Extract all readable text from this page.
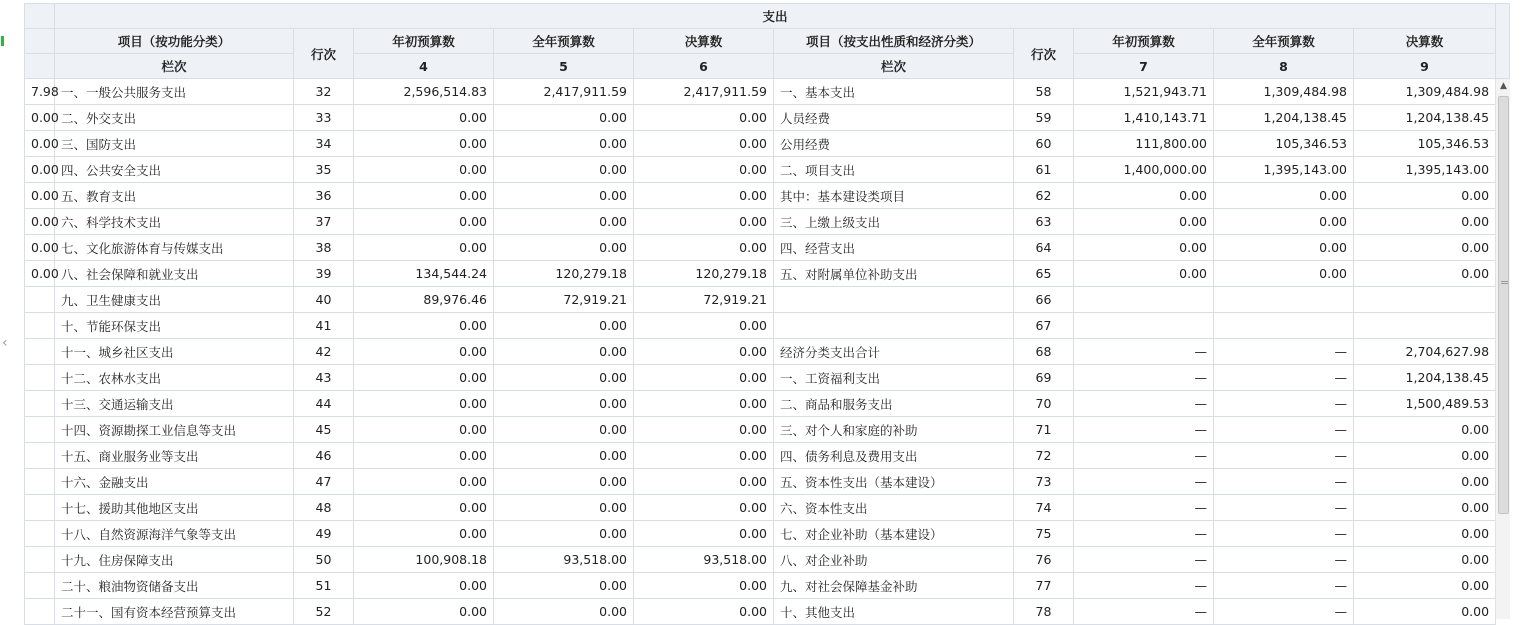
‹
	支出									
	项目（按功能分类）	行次	年初预算数	全年预算数	决算数	项目（按支出性质和经济分类）	行次	年初预算数	全年预算数	决算数
	栏次		4	5	6	栏次		7	8	9
7.98	一、一般公共服务支出	32	2,596,514.83	2,417,911.59	2,417,911.59	一、基本支出	58	1,521,943.71	1,309,484.98	1,309,484.98
0.00	二、外交支出	33	0.00	0.00	0.00	人员经费	59	1,410,143.71	1,204,138.45	1,204,138.45
0.00	三、国防支出	34	0.00	0.00	0.00	公用经费	60	111,800.00	105,346.53	105,346.53
0.00	四、公共安全支出	35	0.00	0.00	0.00	二、项目支出	61	1,400,000.00	1,395,143.00	1,395,143.00
0.00	五、教育支出	36	0.00	0.00	0.00	其中：基本建设类项目	62	0.00	0.00	0.00
0.00	六、科学技术支出	37	0.00	0.00	0.00	三、上缴上级支出	63	0.00	0.00	0.00
0.00	七、文化旅游体育与传媒支出	38	0.00	0.00	0.00	四、经营支出	64	0.00	0.00	0.00
0.00	八、社会保障和就业支出	39	134,544.24	120,279.18	120,279.18	五、对附属单位补助支出	65	0.00	0.00	0.00
	九、卫生健康支出	40	89,976.46	72,919.21	72,919.21		66			
	十、节能环保支出	41	0.00	0.00	0.00		67			
	十一、城乡社区支出	42	0.00	0.00	0.00	经济分类支出合计	68	—	—	2,704,627.98
	十二、农林水支出	43	0.00	0.00	0.00	一、工资福利支出	69	—	—	1,204,138.45
	十三、交通运输支出	44	0.00	0.00	0.00	二、商品和服务支出	70	—	—	1,500,489.53
	十四、资源勘探工业信息等支出	45	0.00	0.00	0.00	三、对个人和家庭的补助	71	—	—	0.00
	十五、商业服务业等支出	46	0.00	0.00	0.00	四、债务利息及费用支出	72	—	—	0.00
	十六、金融支出	47	0.00	0.00	0.00	五、资本性支出（基本建设）	73	—	—	0.00
	十七、援助其他地区支出	48	0.00	0.00	0.00	六、资本性支出	74	—	—	0.00
	十八、自然资源海洋气象等支出	49	0.00	0.00	0.00	七、对企业补助（基本建设）	75	—	—	0.00
	十九、住房保障支出	50	100,908.18	93,518.00	93,518.00	八、对企业补助	76	—	—	0.00
	二十、粮油物资储备支出	51	0.00	0.00	0.00	九、对社会保障基金补助	77	—	—	0.00
	二十一、国有资本经营预算支出	52	0.00	0.00	0.00	十、其他支出	78	—	—	0.00
▲
